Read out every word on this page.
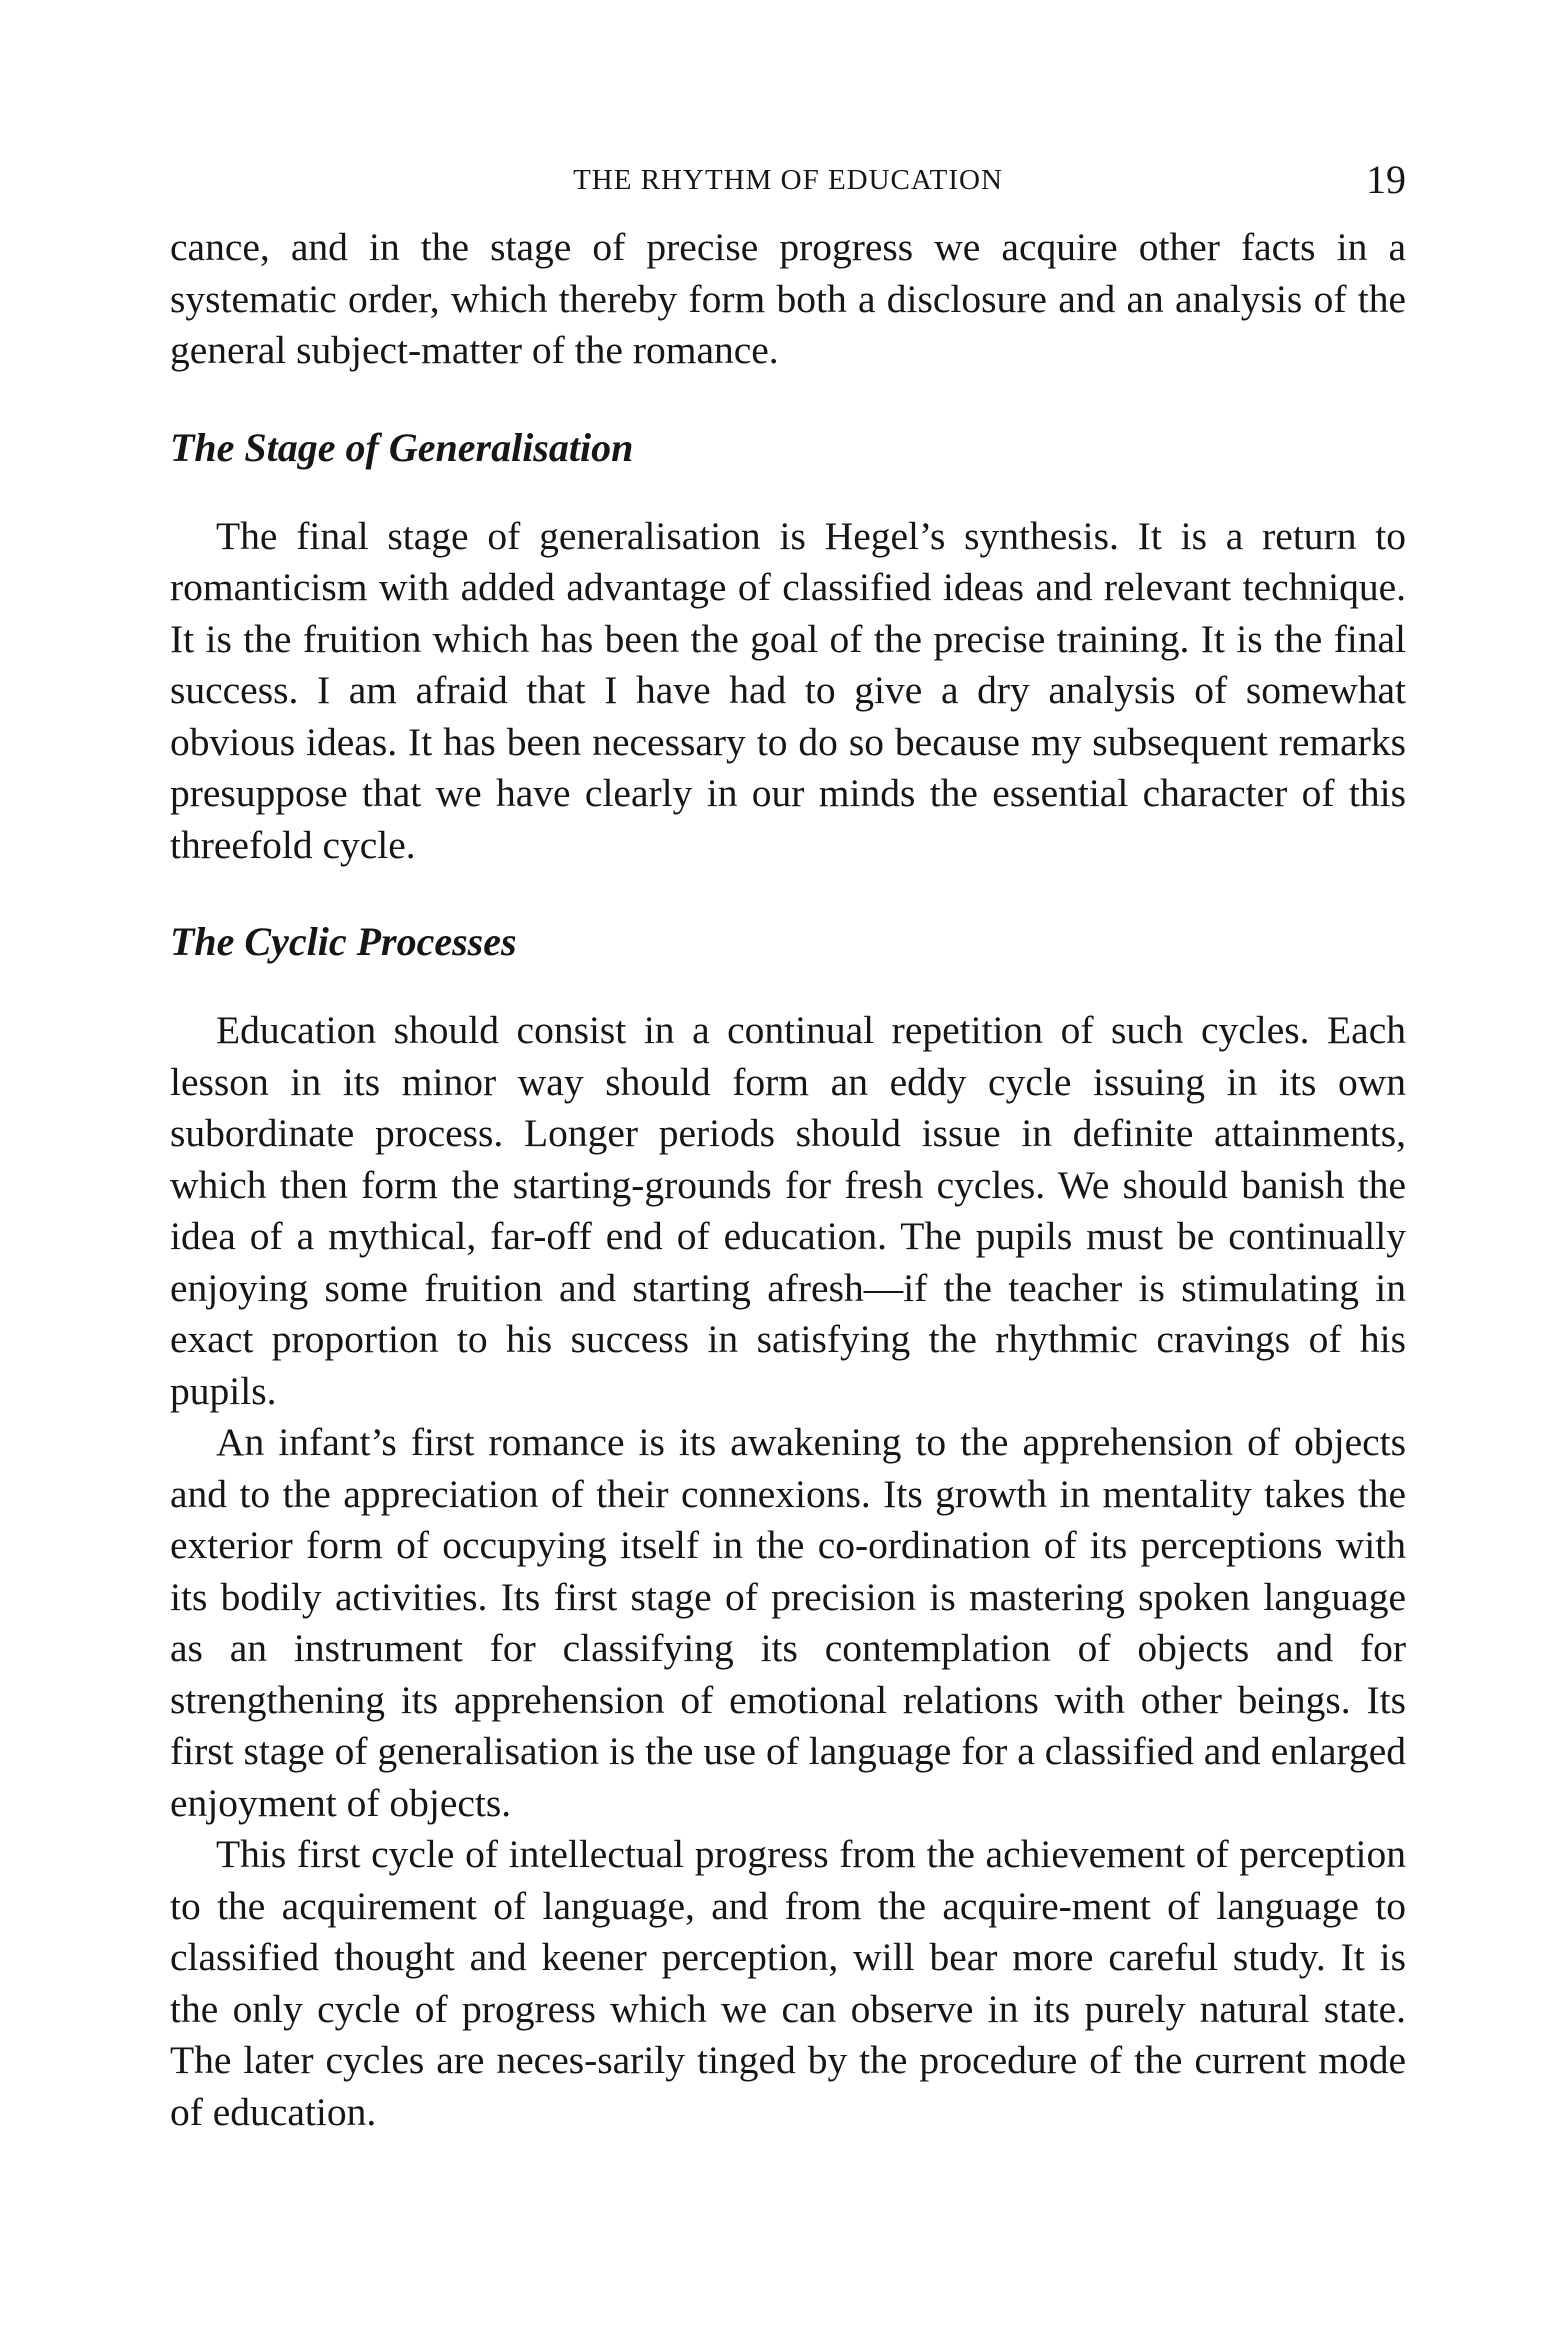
THE RHYTHM OF EDUCATION	19

cance, and in the stage of precise progress we acquire other facts in a systematic order, which thereby form both a disclosure and an analysis of the general subject-matter of the romance.

The Stage of Generalisation

The final stage of generalisation is Hegel’s synthesis. It is a return to romanticism with added advantage of classified ideas and relevant technique. It is the fruition which has been the goal of the precise training. It is the final success. I am afraid that I have had to give a dry analysis of somewhat obvious ideas. It has been necessary to do so because my subsequent remarks presuppose that we have clearly in our minds the essential character of this threefold cycle.

The Cyclic Processes

Education should consist in a continual repetition of such cycles. Each lesson in its minor way should form an eddy cycle issuing in its own subordinate process. Longer periods should issue in definite attainments, which then form the starting-grounds for fresh cycles. We should banish the idea of a mythical, far-off end of education. The pupils must be continually enjoying some fruition and starting afresh—if the teacher is stimulating in exact proportion to his success in satisfying the rhythmic cravings of his pupils.

An infant’s first romance is its awakening to the apprehension of objects and to the appreciation of their connexions. Its growth in mentality takes the exterior form of occupying itself in the co-ordination of its perceptions with its bodily activities. Its first stage of precision is mastering spoken language as an instrument for classifying its contemplation of objects and for strengthening its apprehension of emotional relations with other beings. Its first stage of generalisation is the use of language for a classified and enlarged enjoyment of objects.

This first cycle of intellectual progress from the achievement of perception to the acquirement of language, and from the acquire-ment of language to classified thought and keener perception, will bear more careful study. It is the only cycle of progress which we can observe in its purely natural state. The later cycles are neces-sarily tinged by the procedure of the current mode of education.
